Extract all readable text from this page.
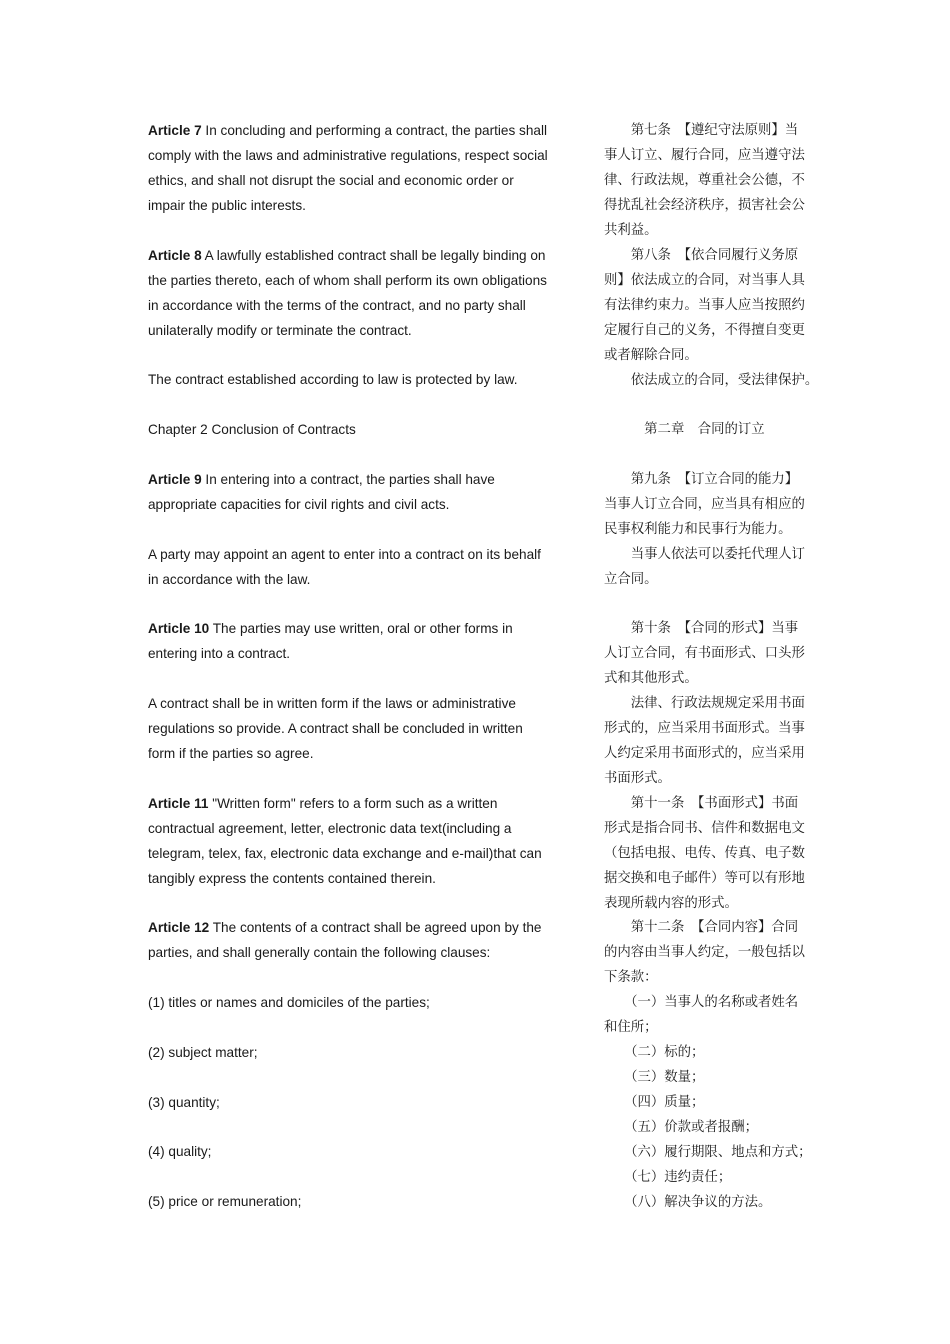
Article 7 In concluding and performing a contract, the parties shall
comply with the laws and administrative regulations, respect social
ethics, and shall not disrupt the social and economic order or
impair the public interests.
Article 8 A lawfully established contract shall be legally binding on
the parties thereto, each of whom shall perform its own obligations
in accordance with the terms of the contract, and no party shall
unilaterally modify or terminate the contract.
The contract established according to law is protected by law.
Chapter 2 Conclusion of Contracts
Article 9 In entering into a contract, the parties shall have
appropriate capacities for civil rights and civil acts.
A party may appoint an agent to enter into a contract on its behalf
in accordance with the law.
Article 10 The parties may use written, oral or other forms in
entering into a contract.
A contract shall be in written form if the laws or administrative
regulations so provide. A contract shall be concluded in written
form if the parties so agree.
Article 11 "Written form" refers to a form such as a written
contractual agreement, letter, electronic data text(including a
telegram, telex, fax, electronic data exchange and e-mail)that can
tangibly express the contents contained therein.
Article 12 The contents of a contract shall be agreed upon by the
parties, and shall generally contain the following clauses:
(1) titles or names and domiciles of the parties;
(2) subject matter;
(3) quantity;
(4) quality;
(5) price or remuneration;
　　第七条　【遵纪守法原则】当
事人订立、履行合同，应当遵守法
律、行政法规，尊重社会公德，不
得扰乱社会经济秩序，损害社会公
共利益。
　　第八条　【依合同履行义务原
则】依法成立的合同，对当事人具
有法律约束力。当事人应当按照约
定履行自己的义务，不得擅自变更
或者解除合同。
　　依法成立的合同，受法律保护。
　　　第二章　合同的订立
　　第九条　【订立合同的能力】
当事人订立合同，应当具有相应的
民事权利能力和民事行为能力。
　　当事人依法可以委托代理人订
立合同。
　　第十条　【合同的形式】当事
人订立合同，有书面形式、口头形
式和其他形式。
　　法律、行政法规规定采用书面
形式的，应当采用书面形式。当事
人约定采用书面形式的，应当采用
书面形式。
　　第十一条　【书面形式】书面
形式是指合同书、信件和数据电文
（包括电报、电传、传真、电子数
据交换和电子邮件）等可以有形地
表现所载内容的形式。
　　第十二条　【合同内容】合同
的内容由当事人约定，一般包括以
下条款：
　　（一）当事人的名称或者姓名
和住所；
　　（二）标的；
　　（三）数量；
　　（四）质量；
　　（五）价款或者报酬；
　　（六）履行期限、地点和方式；
　　（七）违约责任；
　　（八）解决争议的方法。
